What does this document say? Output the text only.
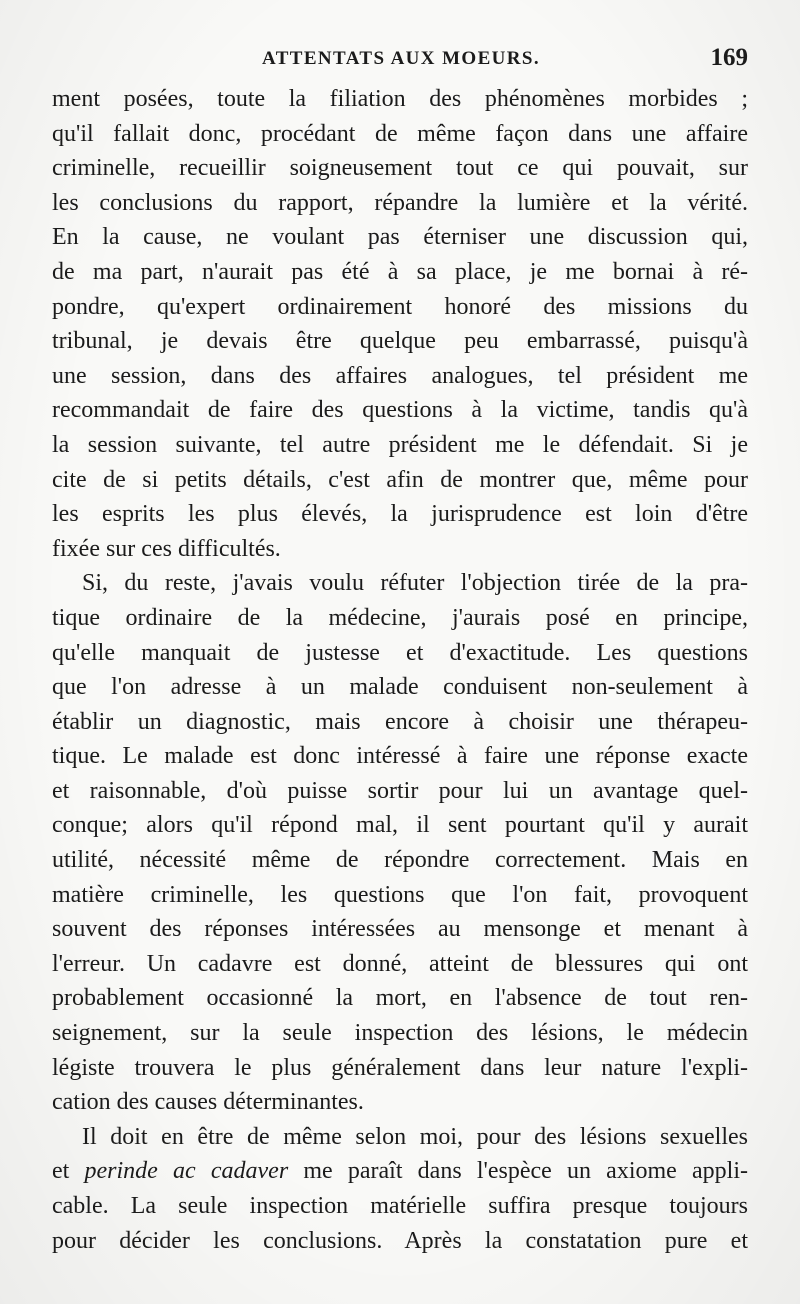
ATTENTATS AUX MOEURS.	169
ment posées, toute la filiation des phénomènes morbides ;
qu'il fallait donc, procédant de même façon dans une affaire
criminelle, recueillir soigneusement tout ce qui pouvait, sur
les conclusions du rapport, répandre la lumière et la vérité.
En la cause, ne voulant pas éterniser une discussion qui,
de ma part, n'aurait pas été à sa place, je me bornai à ré-
pondre, qu'expert ordinairement honoré des missions du
tribunal, je devais être quelque peu embarrassé, puisqu'à
une session, dans des affaires analogues, tel président me
recommandait de faire des questions à la victime, tandis qu'à
la session suivante, tel autre président me le défendait. Si je
cite de si petits détails, c'est afin de montrer que, même pour
les esprits les plus élevés, la jurisprudence est loin d'être
fixée sur ces difficultés.
Si, du reste, j'avais voulu réfuter l'objection tirée de la pra-
tique ordinaire de la médecine, j'aurais posé en principe,
qu'elle manquait de justesse et d'exactitude. Les questions
que l'on adresse à un malade conduisent non-seulement à
établir un diagnostic, mais encore à choisir une thérapeu-
tique. Le malade est donc intéressé à faire une réponse exacte
et raisonnable, d'où puisse sortir pour lui un avantage quel-
conque; alors qu'il répond mal, il sent pourtant qu'il y aurait
utilité, nécessité même de répondre correctement. Mais en
matière criminelle, les questions que l'on fait, provoquent
souvent des réponses intéressées au mensonge et menant à
l'erreur. Un cadavre est donné, atteint de blessures qui ont
probablement occasionné la mort, en l'absence de tout ren-
seignement, sur la seule inspection des lésions, le médecin
légiste trouvera le plus généralement dans leur nature l'expli-
cation des causes déterminantes.
Il doit en être de même selon moi, pour des lésions sexuelles
et perinde ac cadaver me paraît dans l'espèce un axiome appli-
cable. La seule inspection matérielle suffira presque toujours
pour décider les conclusions. Après la constatation pure et
